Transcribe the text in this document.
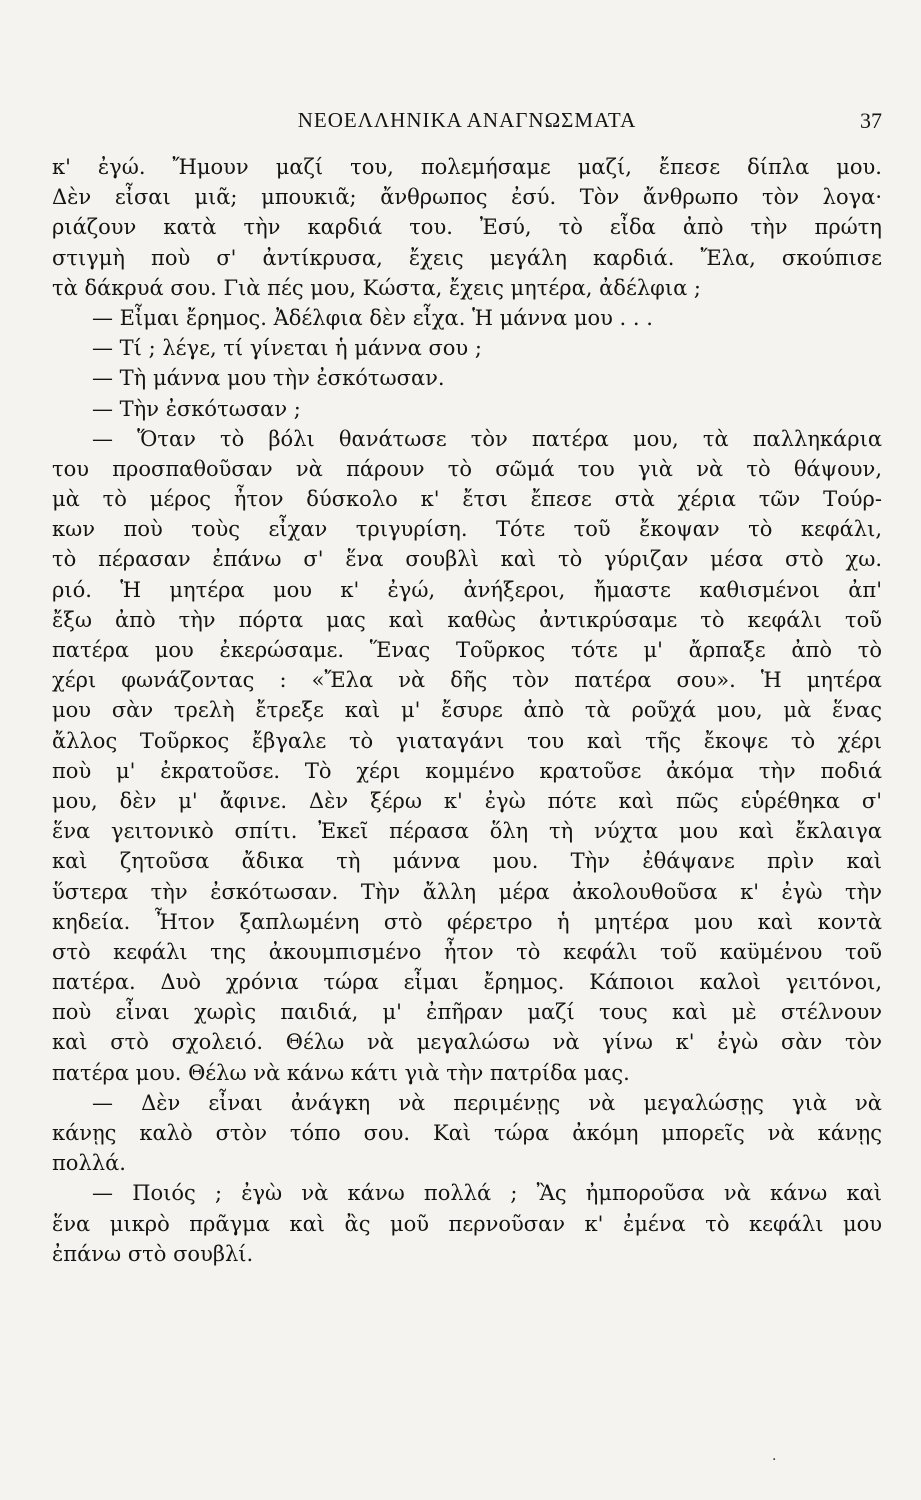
ΝΕΟΕΛΛΗΝΙΚΑ ΑΝΑΓΝΩΣΜΑΤΑ	37
κ' ἐγώ. Ἤμουν μαζί του, πολεμήσαμε μαζί, ἔπεσε δίπλα μου.
Δὲν εἶσαι μιᾶ; μπουκιᾶ; ἄνθρωπος ἐσύ. Τὸν ἄνθρωπο τὸν λογα·
ριάζουν κατὰ τὴν καρδιά του. Ἐσύ, τὸ εἶδα ἀπὸ τὴν πρώτη
στιγμὴ ποὺ σ' ἀντίκρυσα, ἔχεις μεγάλη καρδιά. Ἔλα, σκούπισε
τὰ δάκρυά σου. Γιὰ πές μου, Κώστα, ἔχεις μητέρα, ἀδέλφια ;
— Εἶμαι ἔρημος. Ἀδέλφια δὲν εἶχα. Ἡ μάννα μου . . .
— Τί ; λέγε, τί γίνεται ἡ μάννα σου ;
— Τὴ μάννα μου τὴν ἐσκότωσαν.
— Τὴν ἐσκότωσαν ;
— Ὅταν τὸ βόλι θανάτωσε τὸν πατέρα μου, τὰ παλληκάρια
του προσπαθοῦσαν νὰ πάρουν τὸ σῶμά του γιὰ νὰ τὸ θάψουν,
μὰ τὸ μέρος ἦτον δύσκολο κ' ἔτσι ἔπεσε στὰ χέρια τῶν Τούρ-
κων ποὺ τοὺς εἶχαν τριγυρίση. Τότε τοῦ ἔκοψαν τὸ κεφάλι,
τὸ πέρασαν ἐπάνω σ' ἕνα σουβλὶ καὶ τὸ γύριζαν μέσα στὸ χω.
ριό. Ἡ μητέρα μου κ' ἐγώ, ἀνήξεροι, ἤμαστε καθισμένοι ἀπ'
ἔξω ἀπὸ τὴν πόρτα μας καὶ καθὼς ἀντικρύσαμε τὸ κεφάλι τοῦ
πατέρα μου ἐκερώσαμε. Ἕνας Τοῦρκος τότε μ' ἄρπαξε ἀπὸ τὸ
χέρι φωνάζοντας : «Ἔλα νὰ δῆς τὸν πατέρα σου». Ἡ μητέρα
μου σὰν τρελὴ ἔτρεξε καὶ μ' ἔσυρε ἀπὸ τὰ ροῦχά μου, μὰ ἕνας
ἄλλος Τοῦρκος ἔβγαλε τὸ γιαταγάνι του καὶ τῆς ἔκοψε τὸ χέρι
ποὺ μ' ἐκρατοῦσε. Τὸ χέρι κομμένο κρατοῦσε ἀκόμα τὴν ποδιά
μου, δὲν μ' ἄφινε. Δὲν ξέρω κ' ἐγὼ πότε καὶ πῶς εὑρέθηκα σ'
ἕνα γειτονικὸ σπίτι. Ἐκεῖ πέρασα ὅλη τὴ νύχτα μου καὶ ἔκλαιγα
καὶ ζητοῦσα ἄδικα τὴ μάννα μου. Τὴν ἐθάψανε πρὶν καὶ
ὕστερα τὴν ἐσκότωσαν. Τὴν ἄλλη μέρα ἀκολουθοῦσα κ' ἐγὼ τὴν
κηδεία. Ἦτον ξαπλωμένη στὸ φέρετρο ἡ μητέρα μου καὶ κοντὰ
στὸ κεφάλι της ἀκουμπισμένο ἦτον τὸ κεφάλι τοῦ καϋμένου τοῦ
πατέρα. Δυὸ χρόνια τώρα εἶμαι ἔρημος. Κάποιοι καλοὶ γειτόνοι,
ποὺ εἶναι χωρὶς παιδιά, μ' ἐπῆραν μαζί τους καὶ μὲ στέλνουν
καὶ στὸ σχολειό. Θέλω νὰ μεγαλώσω νὰ γίνω κ' ἐγὼ σὰν τὸν
πατέρα μου. Θέλω νὰ κάνω κάτι γιὰ τὴν πατρίδα μας.
— Δὲν εἶναι ἀνάγκη νὰ περιμένῃς νὰ μεγαλώσῃς γιὰ νὰ
κάνῃς καλὸ στὸν τόπο σου. Καὶ τώρα ἀκόμη μπορεῖς νὰ κάνῃς
πολλά.
— Ποιός ; ἐγὼ νὰ κάνω πολλά ; Ἂς ἠμποροῦσα νὰ κάνω καὶ
ἕνα μικρὸ πρᾶγμα καὶ ἂς μοῦ περνοῦσαν κ' ἐμένα τὸ κεφάλι μου
ἐπάνω στὸ σουβλί.
·
